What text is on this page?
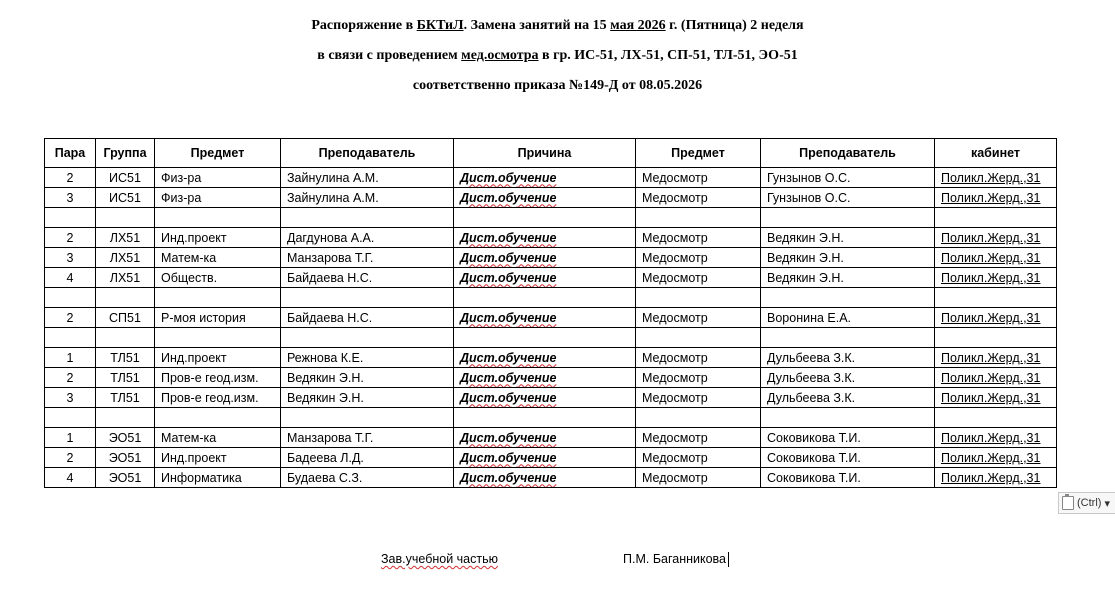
Распоряжение в БКТиЛ. Замена занятий на 15 мая 2026 г. (Пятница) 2 неделя
в связи с проведением мед.осмотра в гр. ИС-51, ЛХ-51, СП-51, ТЛ-51, ЭО-51
соответственно приказа №149-Д от 08.05.2026
Пара	Группа	Предмет	Преподаватель	Причина	Предмет	Преподаватель	кабинет
2	ИС51	Физ-ра	Зайнулина А.М.	Дист.обучение	Медосмотр	Гунзынов О.С.	Поликл.Жерд.,31
3	ИС51	Физ-ра	Зайнулина А.М.	Дист.обучение	Медосмотр	Гунзынов О.С.	Поликл.Жерд.,31

2	ЛХ51	Инд.проект	Дагдунова А.А.	Дист.обучение	Медосмотр	Ведякин Э.Н.	Поликл.Жерд.,31
3	ЛХ51	Матем-ка	Манзарова Т.Г.	Дист.обучение	Медосмотр	Ведякин Э.Н.	Поликл.Жерд.,31
4	ЛХ51	Обществ.	Байдаева Н.С.	Дист.обучение	Медосмотр	Ведякин Э.Н.	Поликл.Жерд.,31

2	СП51	Р-моя история	Байдаева Н.С.	Дист.обучение	Медосмотр	Воронина Е.А.	Поликл.Жерд.,31

1	ТЛ51	Инд.проект	Режнова К.Е.	Дист.обучение	Медосмотр	Дульбеева З.К.	Поликл.Жерд.,31
2	ТЛ51	Пров-е геод.изм.	Ведякин Э.Н.	Дист.обучение	Медосмотр	Дульбеева З.К.	Поликл.Жерд.,31
3	ТЛ51	Пров-е геод.изм.	Ведякин Э.Н.	Дист.обучение	Медосмотр	Дульбеева З.К.	Поликл.Жерд.,31

1	ЭО51	Матем-ка	Манзарова Т.Г.	Дист.обучение	Медосмотр	Соковикова Т.И.	Поликл.Жерд.,31
2	ЭО51	Инд.проект	Бадеева Л.Д.	Дист.обучение	Медосмотр	Соковикова Т.И.	Поликл.Жерд.,31
4	ЭО51	Информатика	Будаева С.З.	Дист.обучение	Медосмотр	Соковикова Т.И.	Поликл.Жерд.,31
(Ctrl) ▾
Зав.учебной частью	П.М. Баганникова
